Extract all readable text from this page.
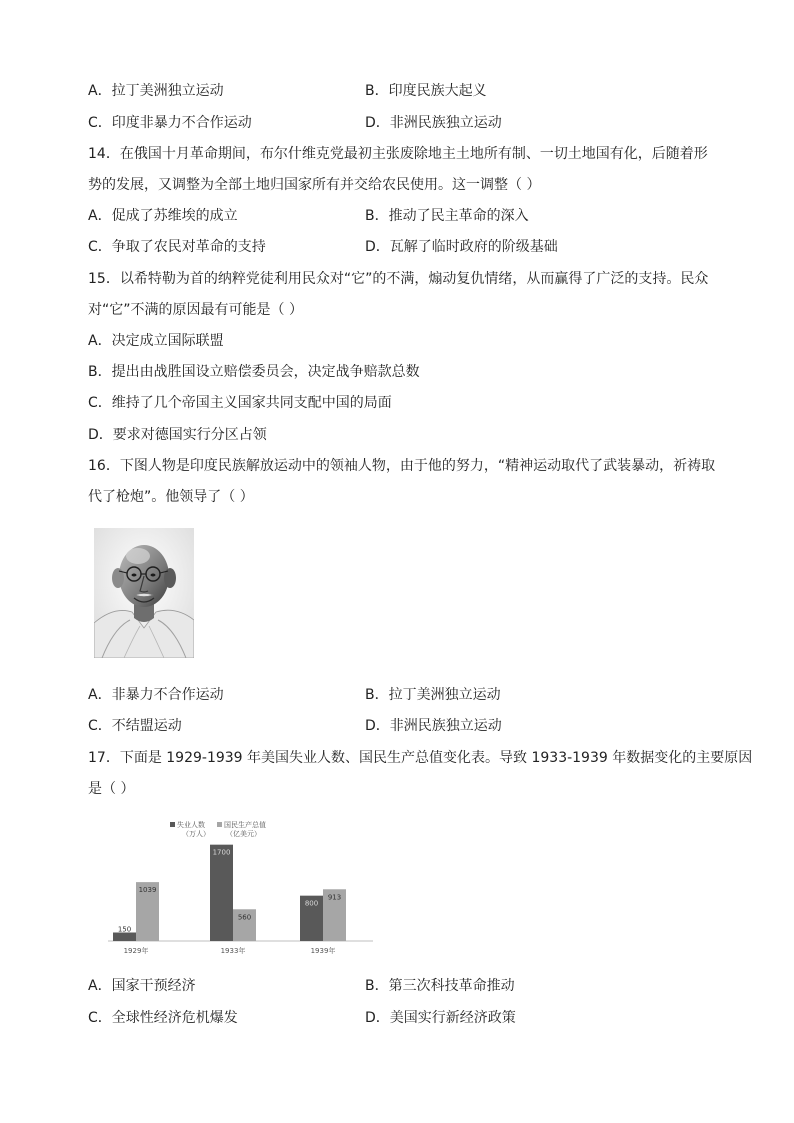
A．拉丁美洲独立运动	B．印度民族大起义
C．印度非暴力不合作运动	D．非洲民族独立运动
14．在俄国十月革命期间，布尔什维克党最初主张废除地主土地所有制、一切土地国有化，后随着形
势的发展，又调整为全部土地归国家所有并交给农民使用。这一调整（ ）
A．促成了苏维埃的成立	B．推动了民主革命的深入
C．争取了农民对革命的支持	D．瓦解了临时政府的阶级基础
15．以希特勒为首的纳粹党徒利用民众对“它”的不满，煽动复仇情绪，从而赢得了广泛的支持。民众
对“它”不满的原因最有可能是（ ）
A．决定成立国际联盟
B．提出由战胜国设立赔偿委员会，决定战争赔款总数
C．维持了几个帝国主义国家共同支配中国的局面
D．要求对德国实行分区占领
16．下图人物是印度民族解放运动中的领袖人物，由于他的努力，“精神运动取代了武装暴动，祈祷取
代了枪炮”。他领导了（ ）
A．非暴力不合作运动	B．拉丁美洲独立运动
C．不结盟运动	D．非洲民族独立运动
17．下面是 1929-1939 年美国失业人数、国民生产总值变化表。导致 1933-1939 年数据变化的主要原因
是（ ）
失业人数
（万人）
国民生产总值
（亿美元）
150
1039
1700
560
800
913
1929年	1933年	1939年
A．国家干预经济	B．第三次科技革命推动
C．全球性经济危机爆发	D．美国实行新经济政策
